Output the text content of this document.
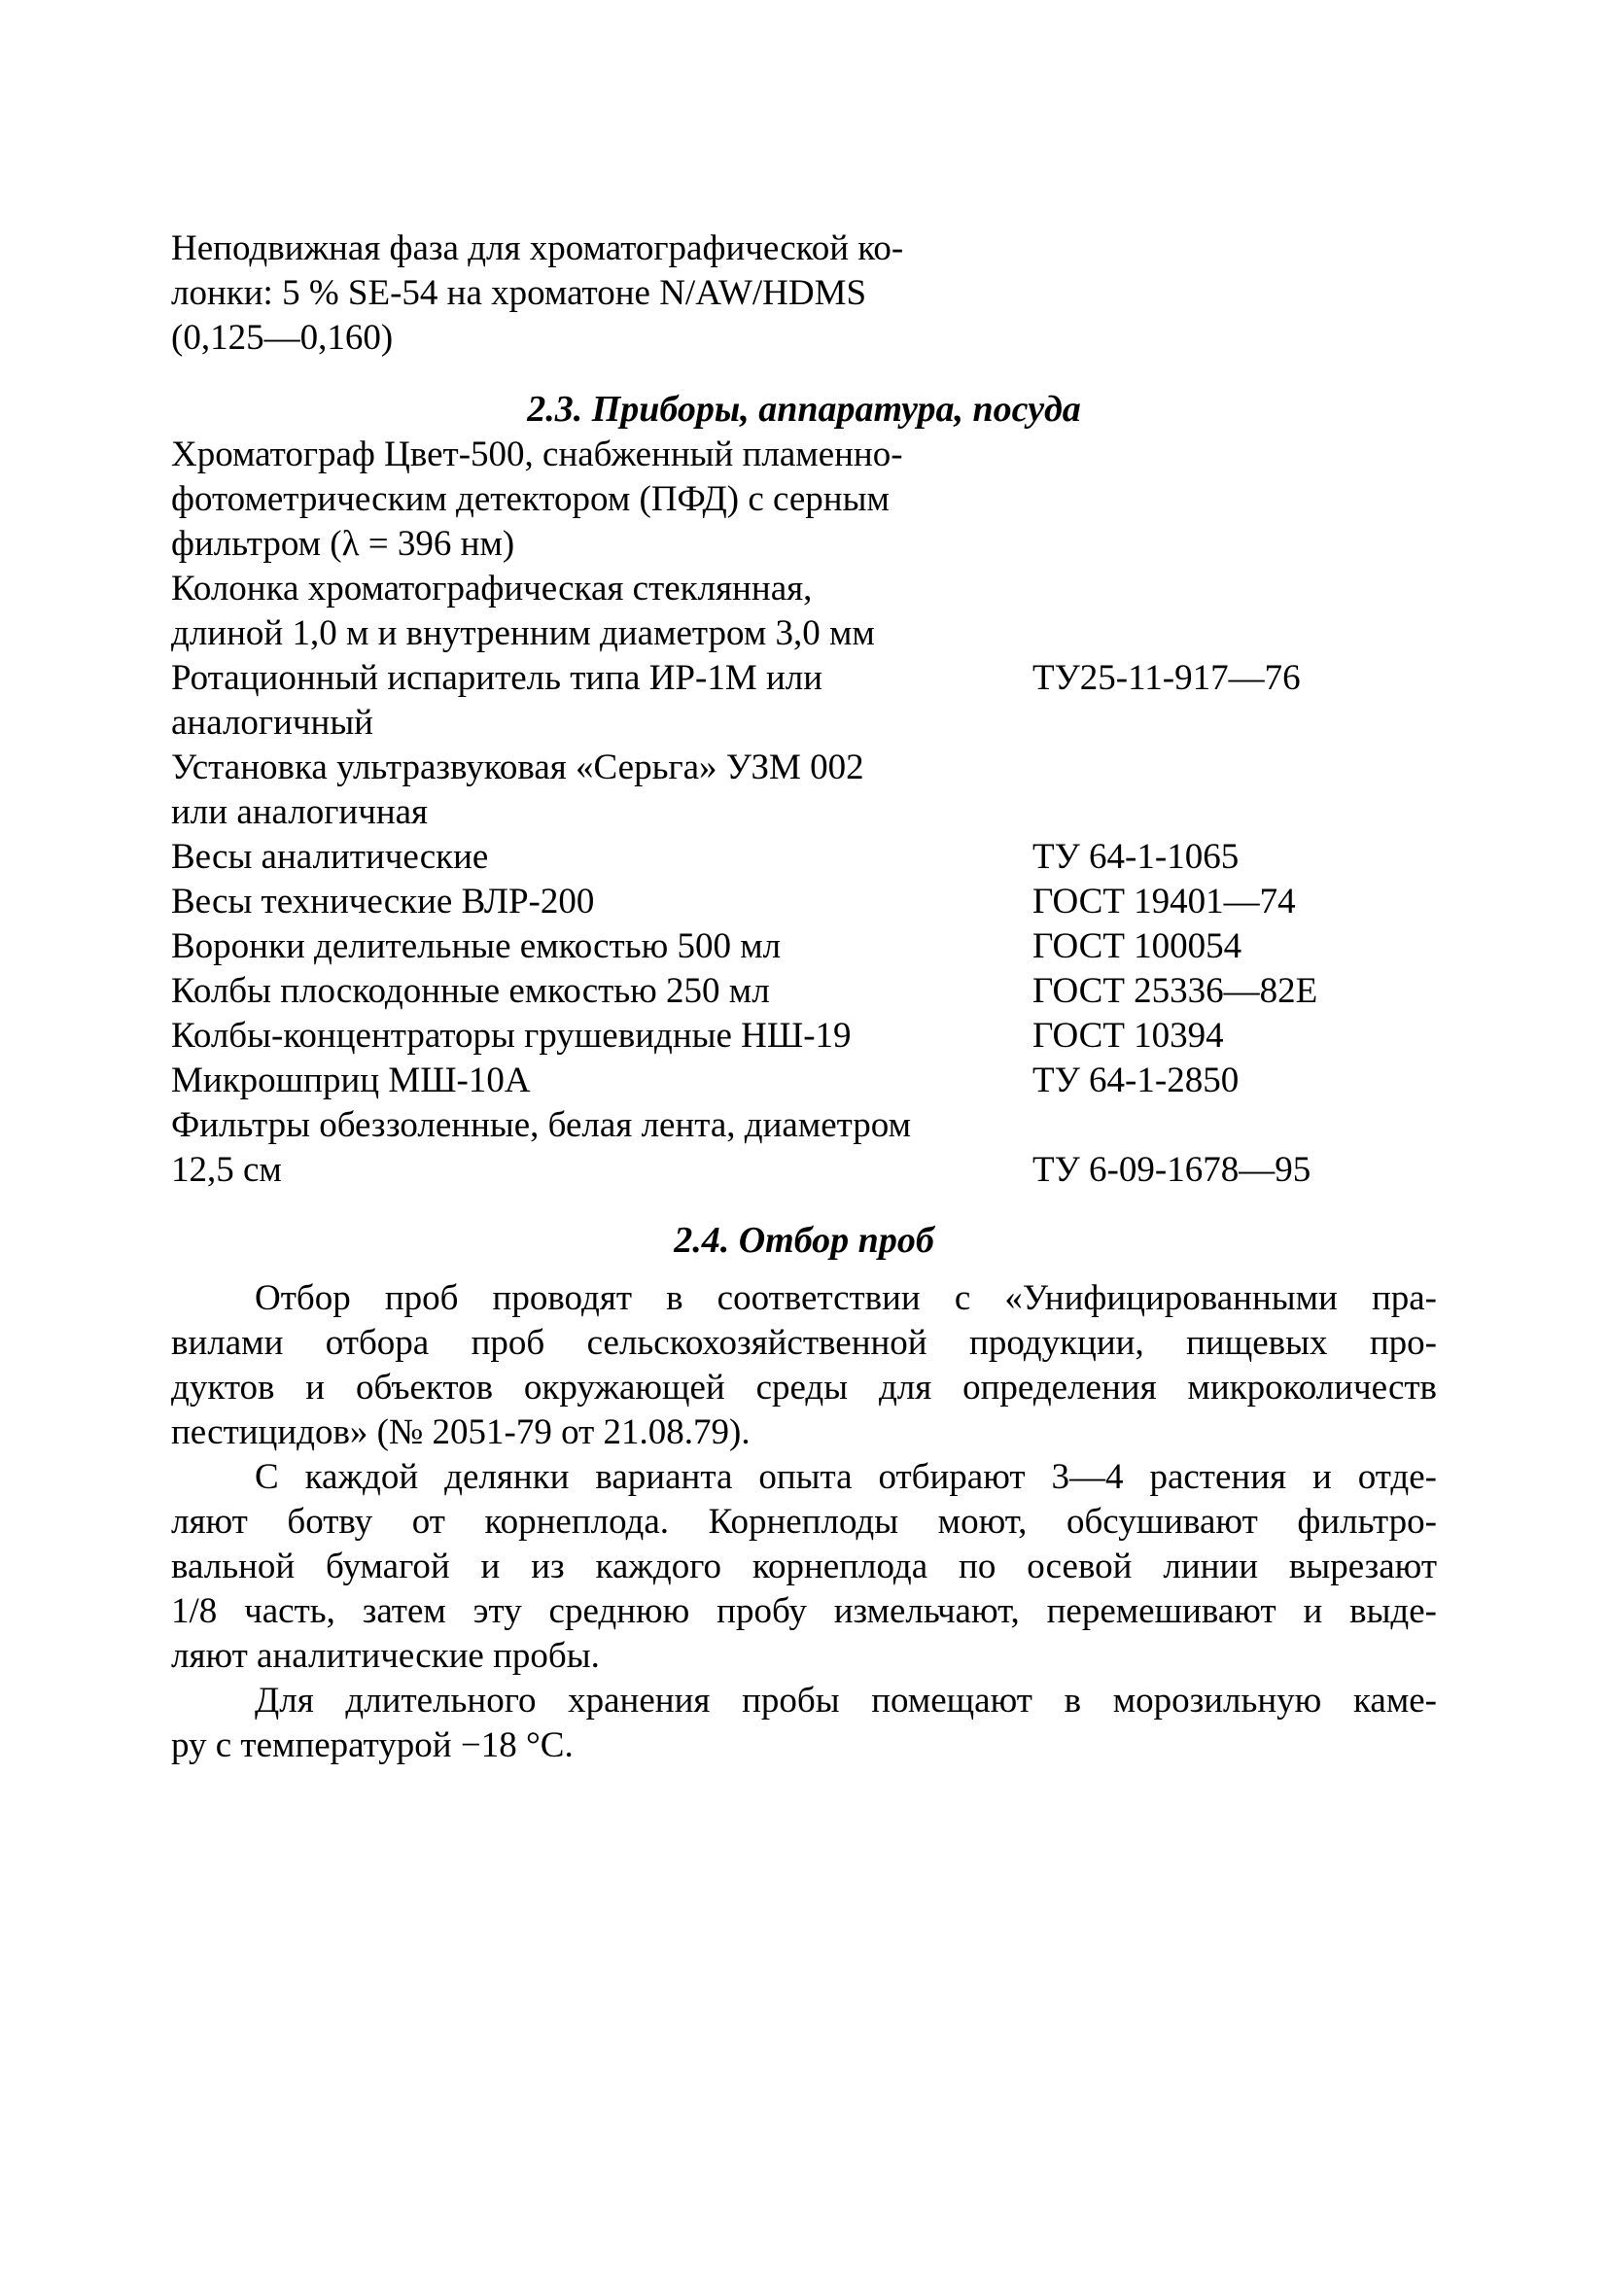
Неподвижная фаза для хроматографической ко-
лонки: 5 % SE-54 на хроматоне N/AW/HDMS
(0,125—0,160)
2.3. Приборы, аппаратура, посуда
Хроматограф Цвет-500, снабженный пламенно-
фотометрическим детектором (ПФД) с серным
фильтром (λ = 396 нм)
Колонка хроматографическая стеклянная,
длиной 1,0 м и внутренним диаметром 3,0 мм
Ротационный испаритель типа ИР-1М или	ТУ25-11-917—76
аналогичный
Установка ультразвуковая «Серьга» УЗМ 002
или аналогичная
Весы аналитические	ТУ 64-1-1065
Весы технические ВЛР-200	ГОСТ 19401—74
Воронки делительные емкостью 500 мл	ГОСТ 100054
Колбы плоскодонные емкостью 250 мл	ГОСТ 25336—82Е
Колбы-концентраторы грушевидные НШ-19	ГОСТ 10394
Микрошприц МШ-10А	ТУ 64-1-2850
Фильтры обеззоленные, белая лента, диаметром
12,5 см	ТУ 6-09-1678—95
2.4. Отбор проб
Отбор проб проводят в соответствии с «Унифицированными пра-
вилами отбора проб сельскохозяйственной продукции, пищевых про-
дуктов и объектов окружающей среды для определения микроколичеств
пестицидов» (№ 2051-79 от 21.08.79).
С каждой делянки варианта опыта отбирают 3—4 растения и отде-
ляют ботву от корнеплода. Корнеплоды моют, обсушивают фильтро-
вальной бумагой и из каждого корнеплода по осевой линии вырезают
1/8 часть, затем эту среднюю пробу измельчают, перемешивают и выде-
ляют аналитические пробы.
Для длительного хранения пробы помещают в морозильную каме-
ру с температурой −18 °С.
